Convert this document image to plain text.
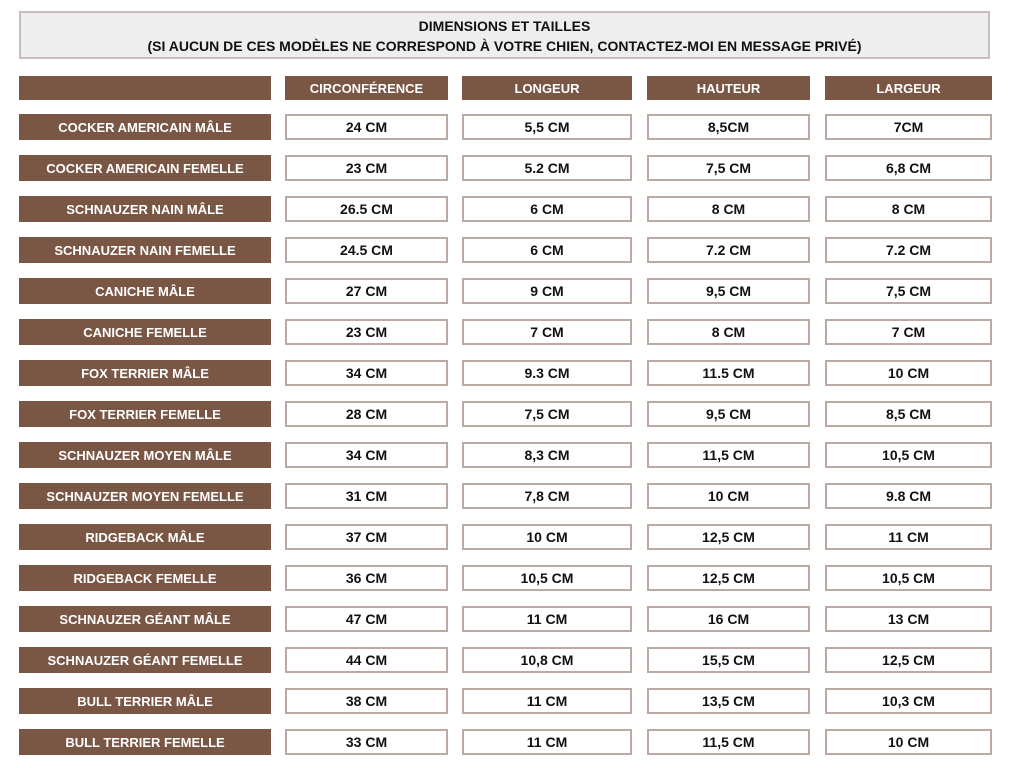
DIMENSIONS ET TAILLES
(SI AUCUN DE CES MODÈLES NE CORRESPOND À VOTRE CHIEN, CONTACTEZ-MOI EN MESSAGE PRIVÉ)
CIRCONFÉRENCE	LONGEUR	HAUTEUR	LARGEUR
COCKER AMERICAIN MÂLE	24 CM	5,5 CM	8,5CM	7CM
COCKER AMERICAIN FEMELLE	23 CM	5.2 CM	7,5 CM	6,8 CM
SCHNAUZER NAIN MÂLE	26.5 CM	6 CM	8 CM	8 CM
SCHNAUZER NAIN FEMELLE	24.5 CM	6 CM	7.2 CM	7.2 CM
CANICHE MÂLE	27 CM	9 CM	9,5 CM	7,5 CM
CANICHE FEMELLE	23 CM	7 CM	8 CM	7 CM
FOX TERRIER MÂLE	34 CM	9.3 CM	11.5 CM	10 CM
FOX TERRIER FEMELLE	28 CM	7,5 CM	9,5 CM	8,5 CM
SCHNAUZER MOYEN MÂLE	34 CM	8,3 CM	11,5 CM	10,5 CM
SCHNAUZER MOYEN FEMELLE	31 CM	7,8 CM	10 CM	9.8 CM
RIDGEBACK MÂLE	37 CM	10 CM	12,5 CM	11 CM
RIDGEBACK FEMELLE	36 CM	10,5 CM	12,5 CM	10,5 CM
SCHNAUZER GÉANT MÂLE	47 CM	11 CM	16 CM	13 CM
SCHNAUZER GÉANT FEMELLE	44 CM	10,8 CM	15,5 CM	12,5 CM
BULL TERRIER MÂLE	38 CM	11 CM	13,5 CM	10,3 CM
BULL TERRIER FEMELLE	33 CM	11 CM	11,5 CM	10 CM
